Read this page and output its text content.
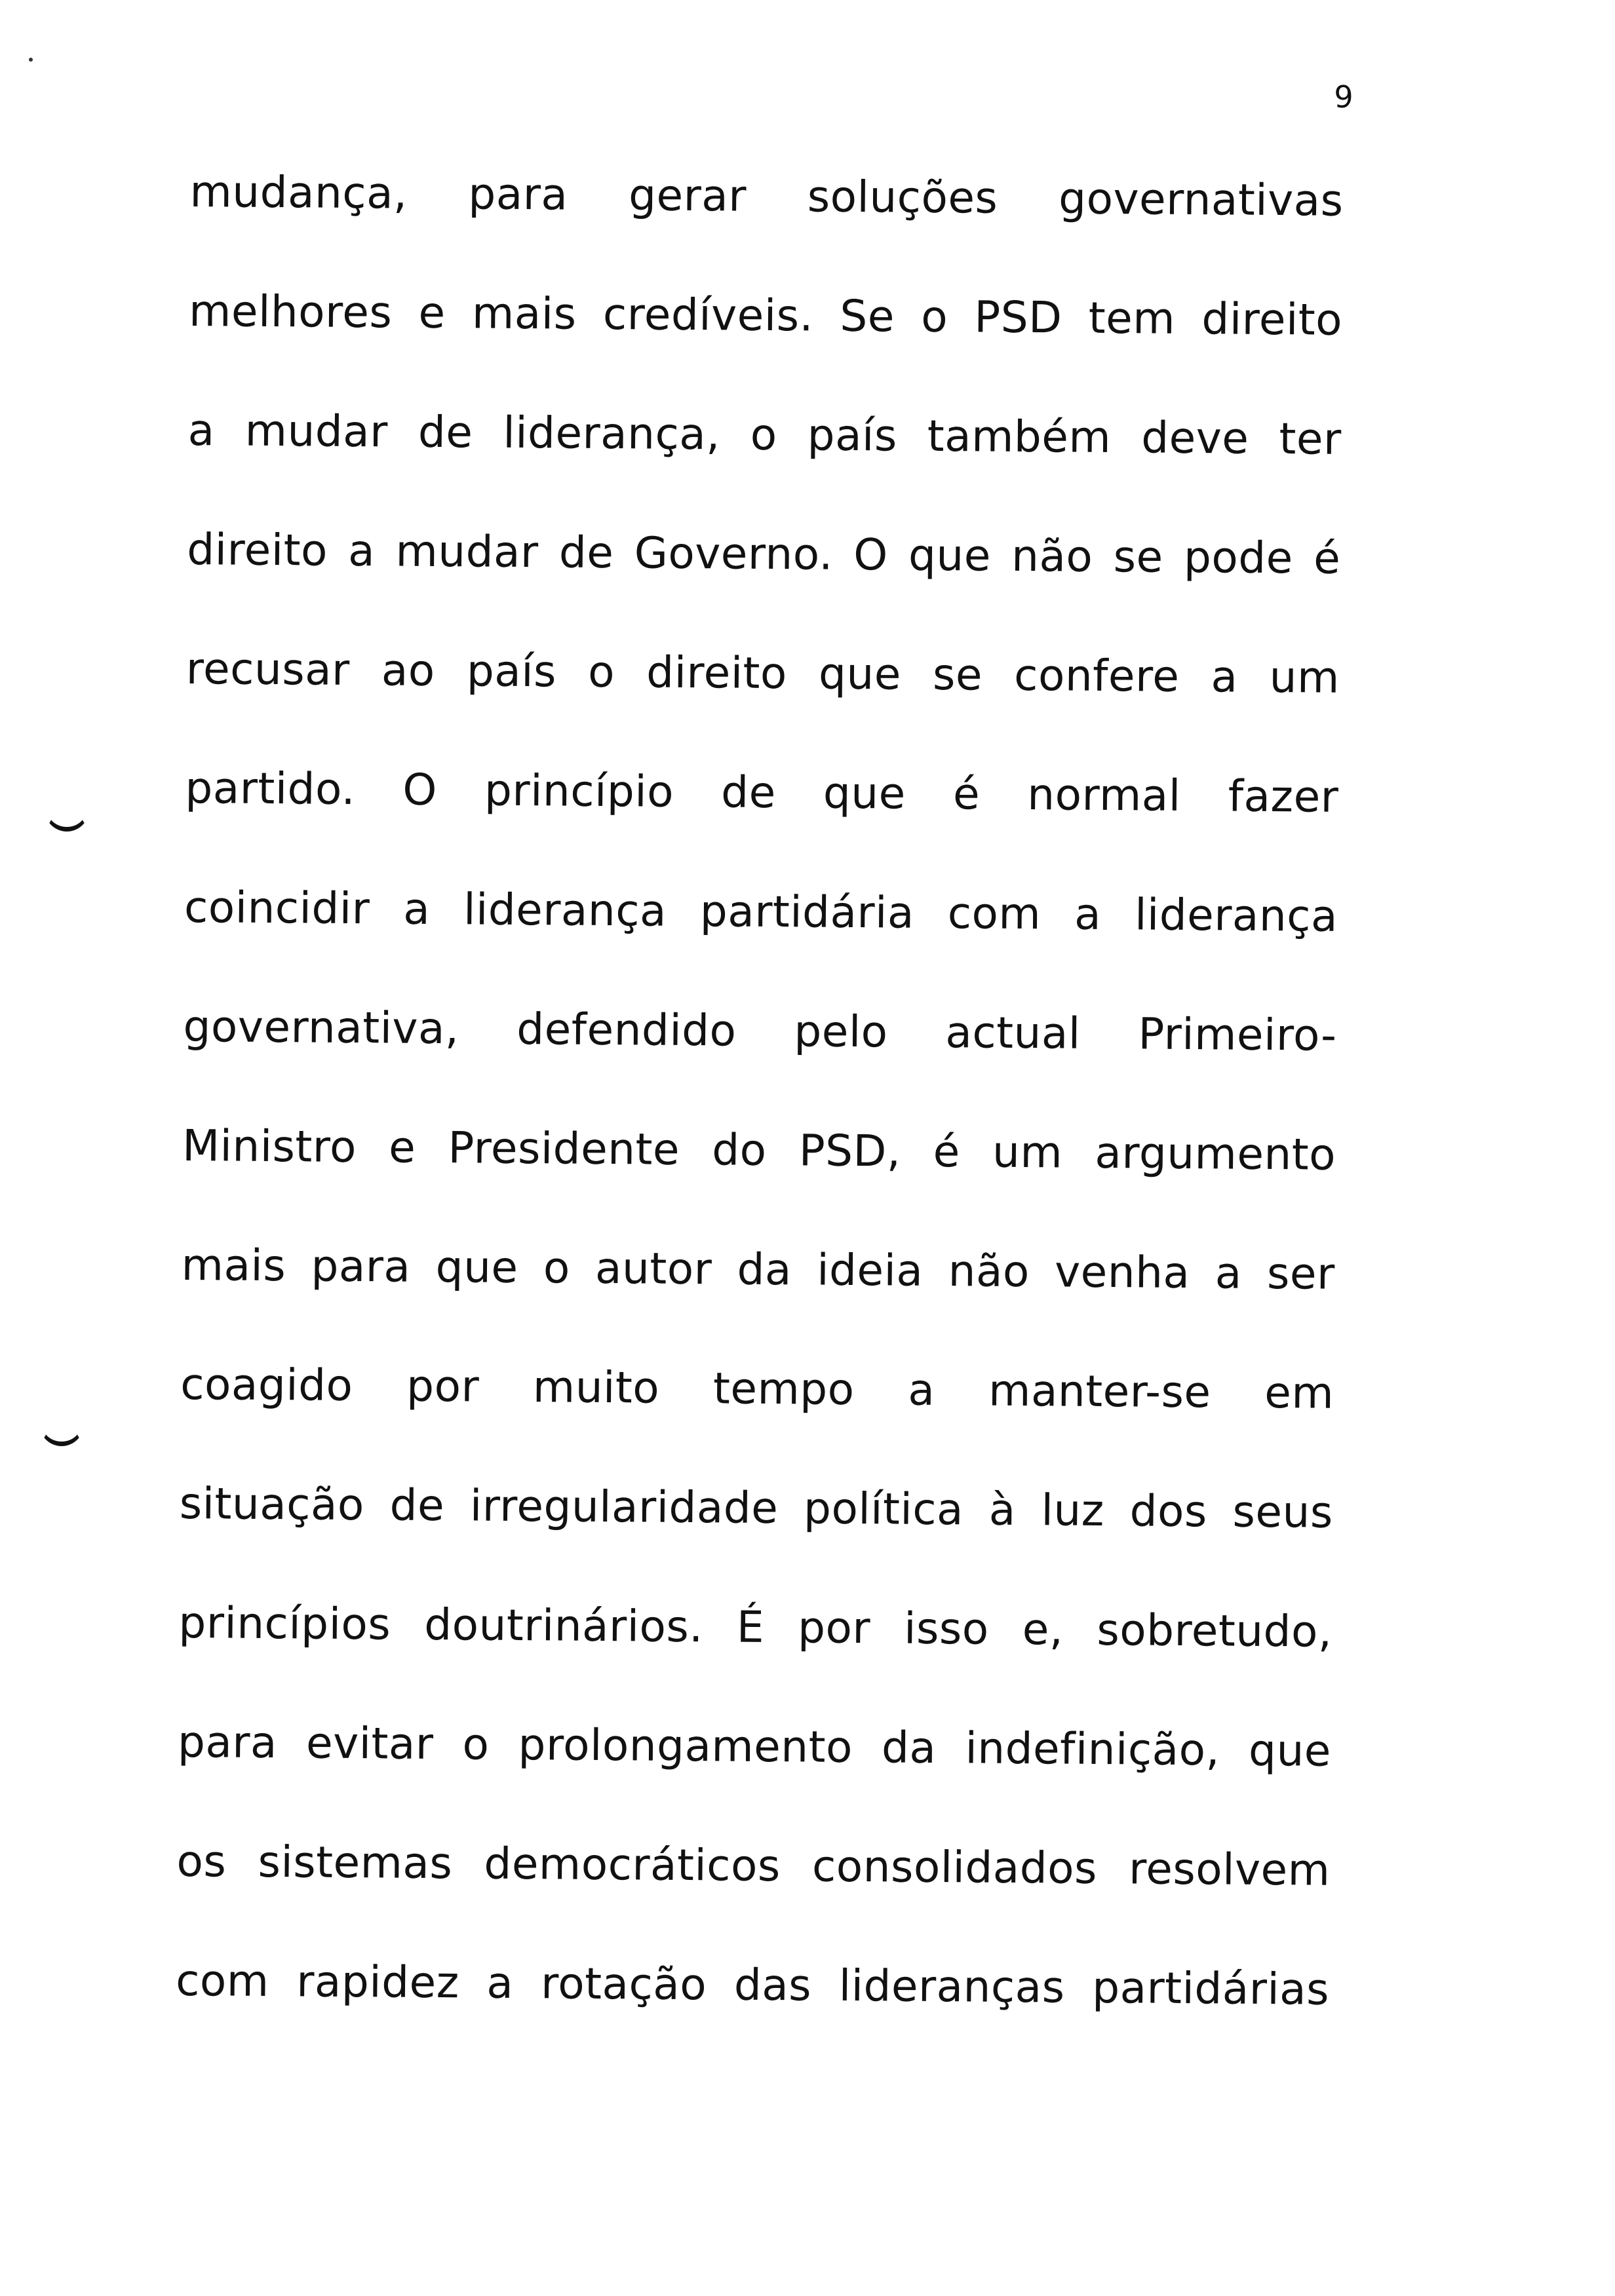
9
mudança, para gerar soluções governativas
melhores e mais credíveis. Se o PSD tem direito
a mudar de liderança, o país também deve ter
direito a mudar de Governo. O que não se pode é
recusar ao país o direito que se confere a um
partido. O princípio de que é normal fazer
coincidir a liderança partidária com a liderança
governativa, defendido pelo actual Primeiro-
Ministro e Presidente do PSD, é um argumento
mais para que o autor da ideia não venha a ser
coagido por muito tempo a manter-se em
situação de irregularidade política à luz dos seus
princípios doutrinários. É por isso e, sobretudo,
para evitar o prolongamento da indefinição, que
os sistemas democráticos consolidados resolvem
com rapidez a rotação das lideranças partidárias
